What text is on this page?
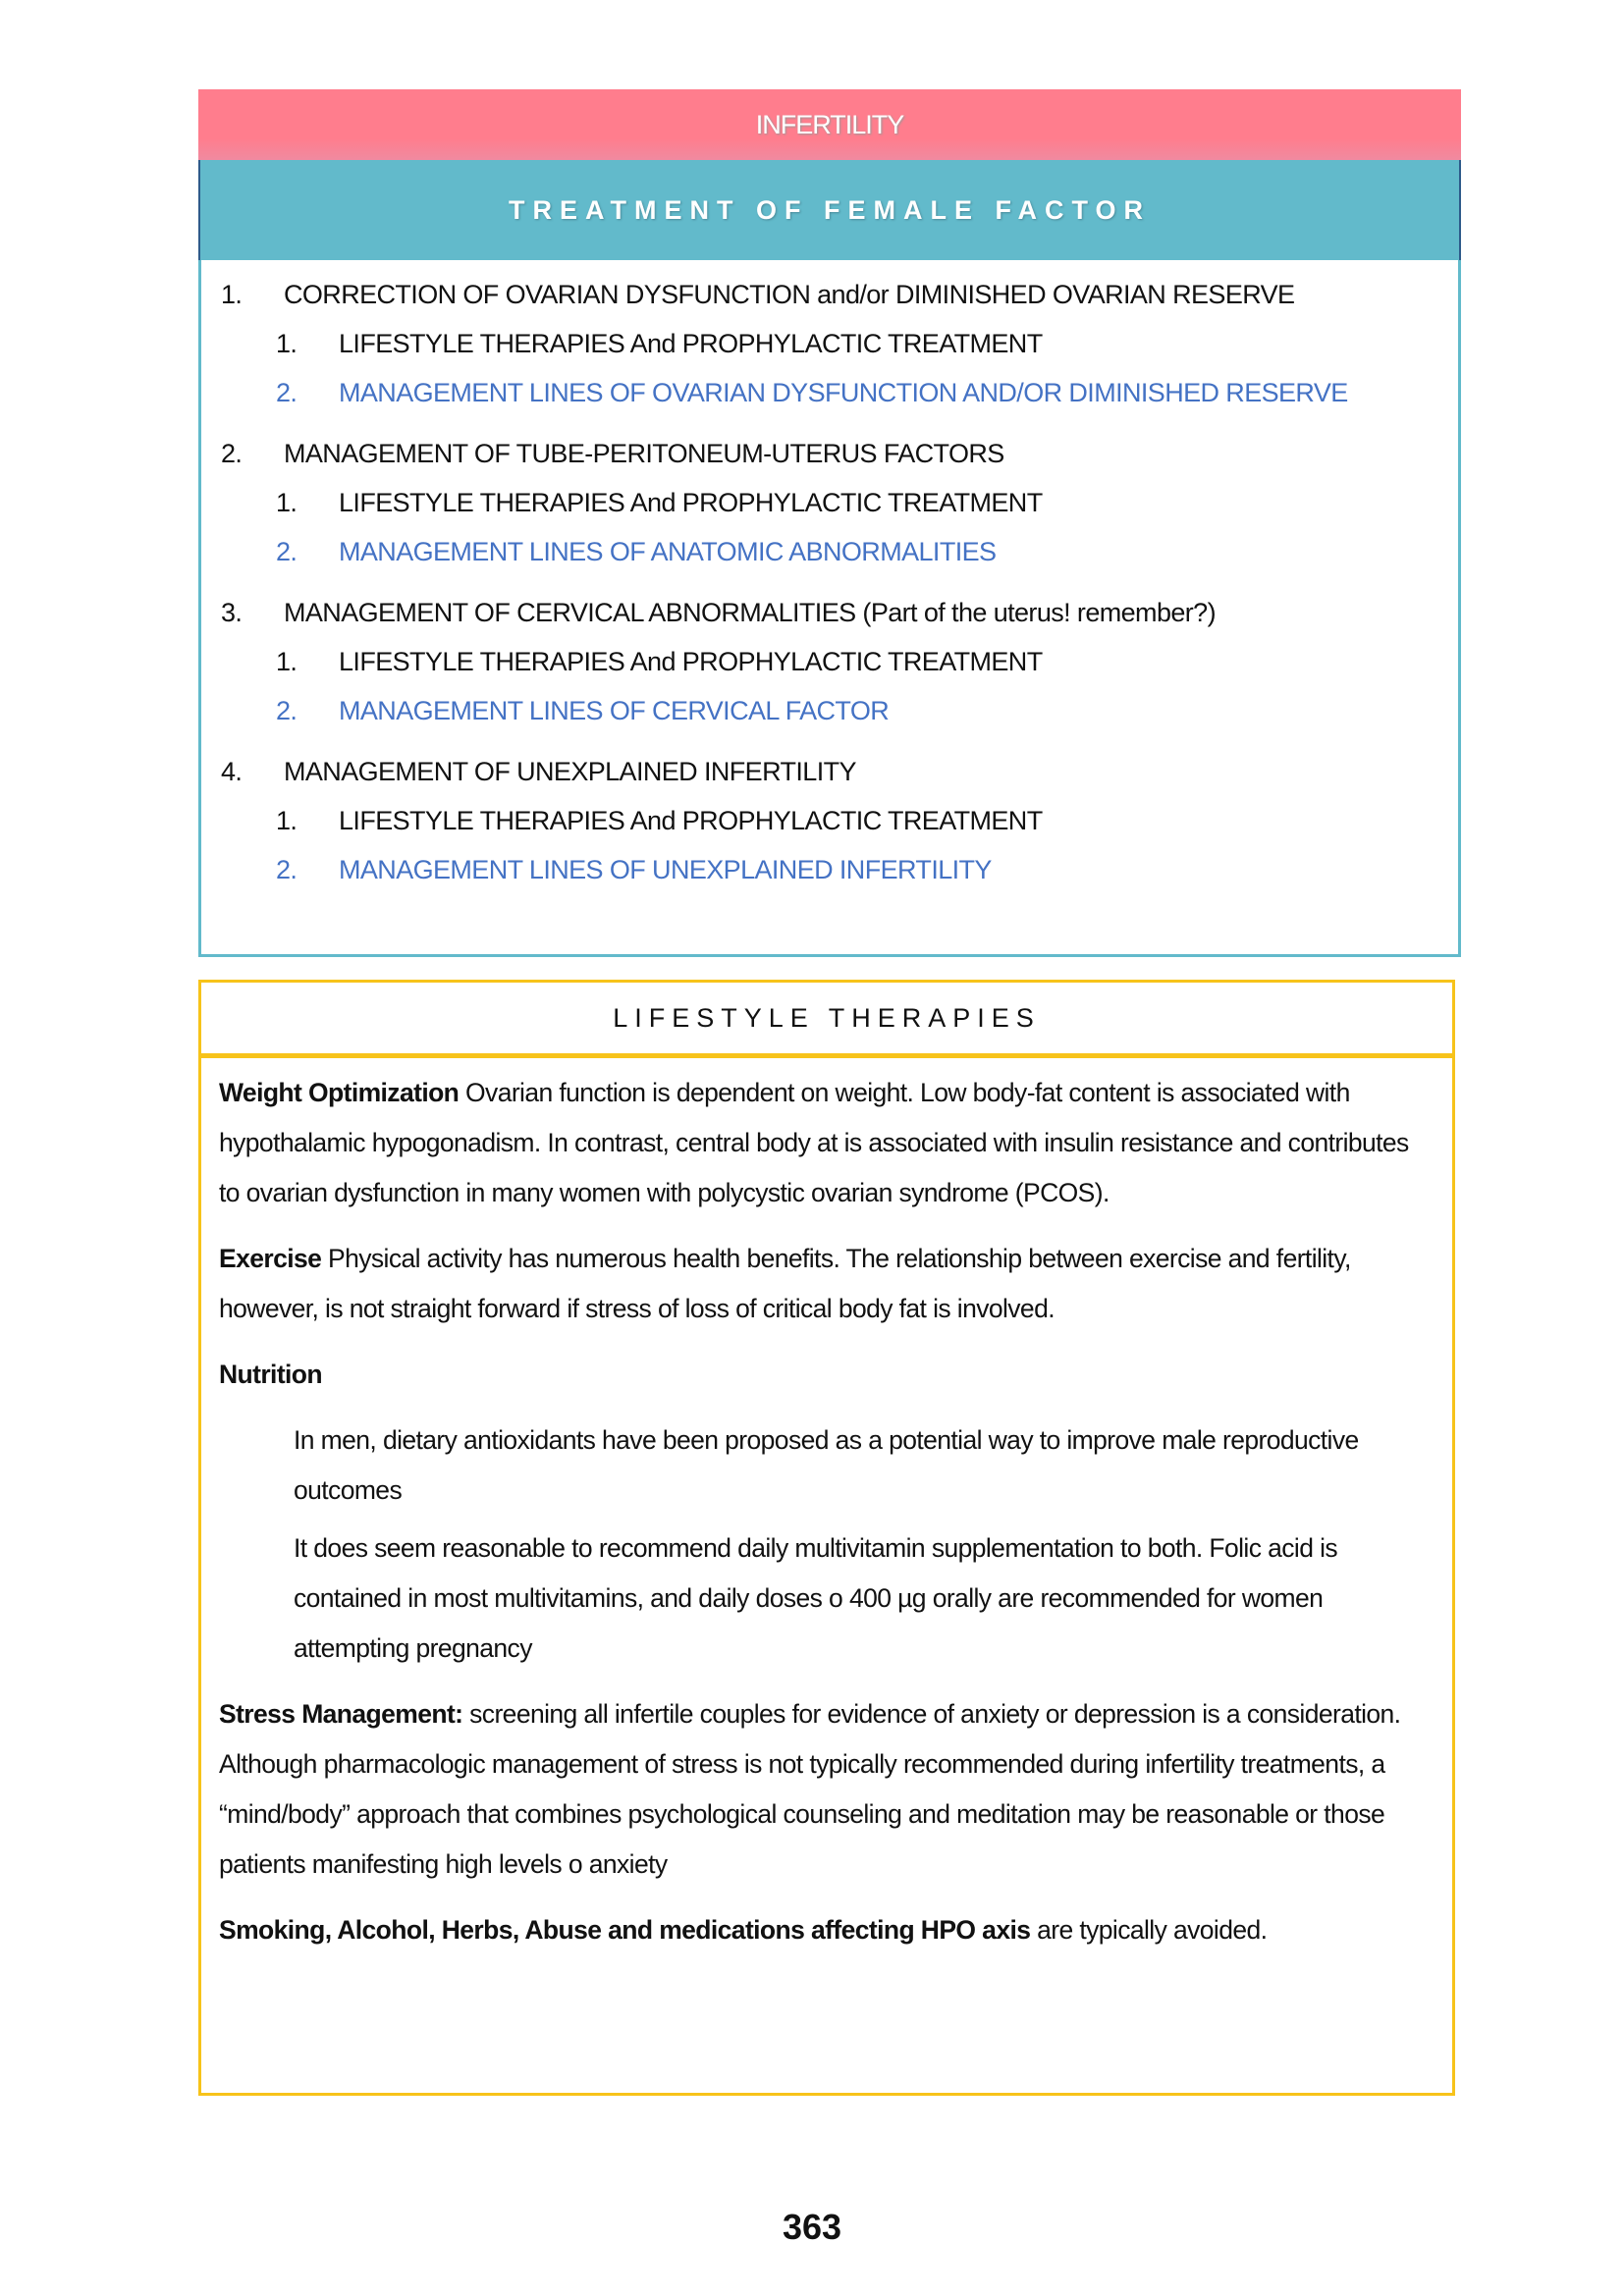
INFERTILITY
TREATMENT OF FEMALE FACTOR
1.	CORRECTION OF OVARIAN DYSFUNCTION and/or DIMINISHED OVARIAN RESERVE
1.	LIFESTYLE THERAPIES And PROPHYLACTIC TREATMENT
2.	MANAGEMENT LINES OF OVARIAN DYSFUNCTION AND/OR DIMINISHED RESERVE
2.	MANAGEMENT OF TUBE-PERITONEUM-UTERUS FACTORS
1.	LIFESTYLE THERAPIES And PROPHYLACTIC TREATMENT
2.	MANAGEMENT LINES OF ANATOMIC ABNORMALITIES
3.	MANAGEMENT OF CERVICAL ABNORMALITIES (Part of the uterus! remember?)
1.	LIFESTYLE THERAPIES And PROPHYLACTIC TREATMENT
2.	MANAGEMENT LINES OF CERVICAL FACTOR
4.	MANAGEMENT OF UNEXPLAINED INFERTILITY
1.	LIFESTYLE THERAPIES And PROPHYLACTIC TREATMENT
2.	MANAGEMENT LINES OF UNEXPLAINED INFERTILITY
LIFESTYLE THERAPIES

Weight Optimization Ovarian function is dependent on weight. Low body-fat content is associated with hypothalamic hypogonadism. In contrast, central body at is associated with insulin resistance and contributes to ovarian dysfunction in many women with polycystic ovarian syndrome (PCOS).

Exercise Physical activity has numerous health benefits. The relationship between exercise and fertility, however, is not straight forward if stress of loss of critical body fat is involved.

Nutrition

In men, dietary antioxidants have been proposed as a potential way to improve male reproductive outcomes

It does seem reasonable to recommend daily multivitamin supplementation to both. Folic acid is contained in most multivitamins, and daily doses o 400 µg orally are recommended for women attempting pregnancy

Stress Management: screening all infertile couples for evidence of anxiety or depression is a consideration. Although pharmacologic management of stress is not typically recommended during infertility treatments, a “mind/body” approach that combines psychological counseling and meditation may be reasonable or those patients manifesting high levels o anxiety

Smoking, Alcohol, Herbs, Abuse and medications affecting HPO axis are typically avoided.

363
